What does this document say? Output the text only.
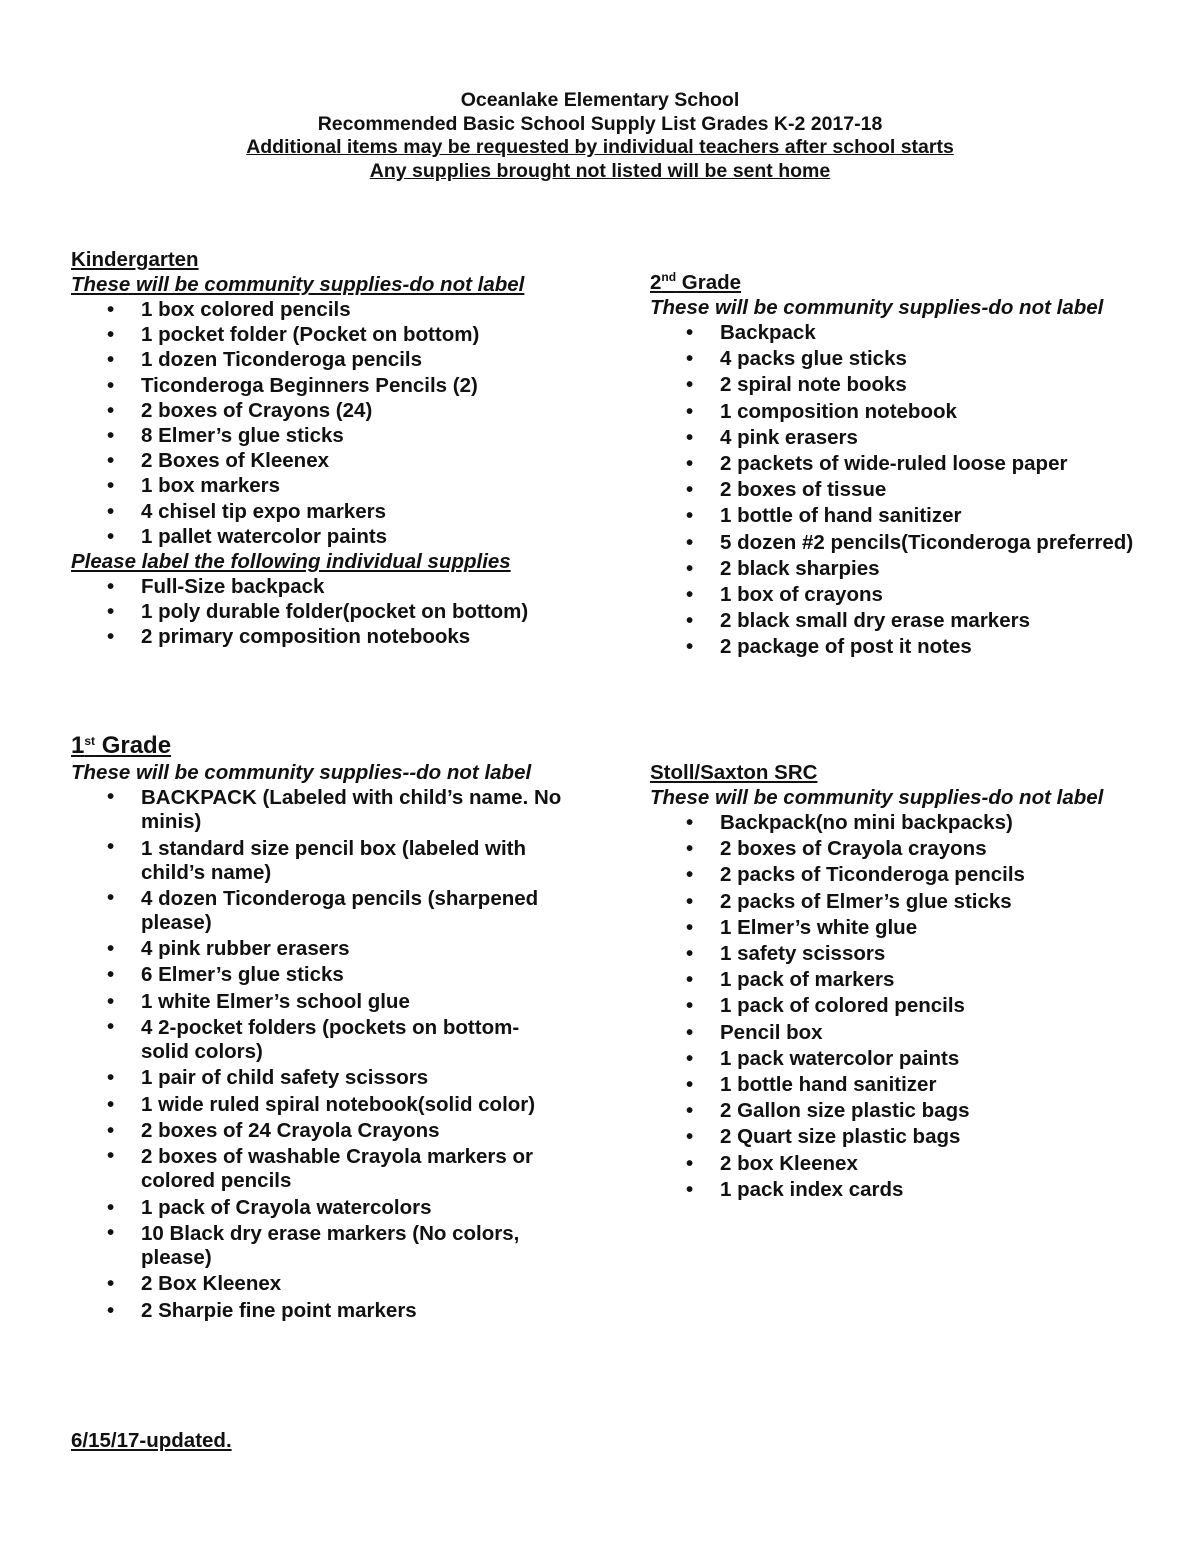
Oceanlake Elementary School
Recommended Basic School Supply List Grades K-2 2017-18
Additional items may be requested by individual teachers after school starts
Any supplies brought not listed will be sent home
Kindergarten
These will be community supplies-do not label
• 1 box colored pencils
• 1 pocket folder (Pocket on bottom)
• 1 dozen Ticonderoga pencils
• Ticonderoga Beginners Pencils (2)
• 2 boxes of Crayons (24)
• 8 Elmer’s glue sticks
• 2 Boxes of Kleenex
• 1 box markers
• 4 chisel tip expo markers
• 1 pallet watercolor paints
Please label the following individual supplies
• Full-Size backpack
• 1 poly durable folder(pocket on bottom)
• 2 primary composition notebooks
2nd Grade
These will be community supplies-do not label
• Backpack
• 4 packs glue sticks
• 2 spiral note books
• 1 composition notebook
• 4 pink erasers
• 2 packets of wide-ruled loose paper
• 2 boxes of tissue
• 1 bottle of hand sanitizer
• 5 dozen #2 pencils(Ticonderoga preferred)
• 2 black sharpies
• 1 box of crayons
• 2 black small dry erase markers
• 2 package of post it notes
1st Grade
These will be community supplies--do not label
• BACKPACK (Labeled with child’s name. No minis)
• 1 standard size pencil box (labeled with child’s name)
• 4 dozen Ticonderoga pencils (sharpened please)
• 4 pink rubber erasers
• 6 Elmer’s glue sticks
• 1 white Elmer’s school glue
• 4 2-pocket folders (pockets on bottom- solid colors)
• 1 pair of child safety scissors
• 1 wide ruled spiral notebook(solid color)
• 2 boxes of 24 Crayola Crayons
• 2 boxes of washable Crayola markers or colored pencils
• 1 pack of Crayola watercolors
• 10 Black dry erase markers (No colors, please)
• 2 Box Kleenex
• 2 Sharpie fine point markers
Stoll/Saxton SRC
These will be community supplies-do not label
• Backpack(no mini backpacks)
• 2 boxes of Crayola crayons
• 2 packs of Ticonderoga pencils
• 2 packs of Elmer’s glue sticks
• 1 Elmer’s white glue
• 1 safety scissors
• 1 pack of markers
• 1 pack of colored pencils
• Pencil box
• 1 pack watercolor paints
• 1 bottle hand sanitizer
• 2 Gallon size plastic bags
• 2 Quart size plastic bags
• 2 box Kleenex
• 1 pack index cards
6/15/17-updated.
